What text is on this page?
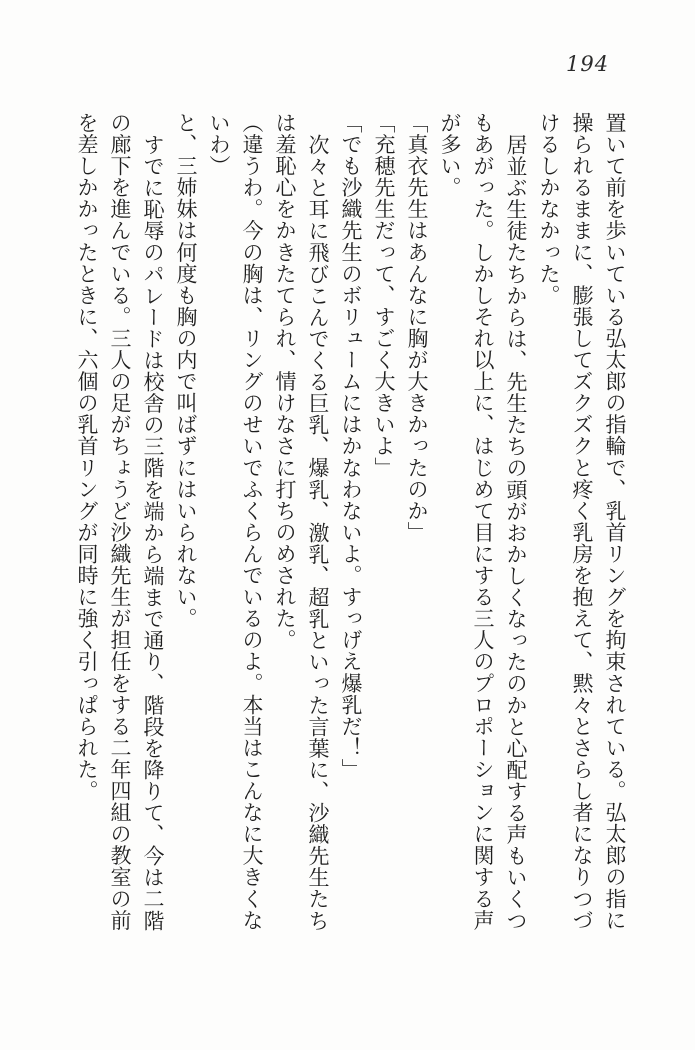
194

置いて前を歩いている弘太郎の指輪で、乳首リングを拘束されている。弘太郎の指に操られるままに、膨張してズクズクと疼く乳房を抱えて、黙々とさらし者になりつづけるしかなかった。

居並ぶ生徒たちからは、先生たちの頭がおかしくなったのかと心配する声もいくつもあがった。しかしそれ以上に、はじめて目にする三人のプロポーションに関する声が多い。

「真衣先生はあんなに胸が大きかったのか」

「充穂先生だって、すごく大きいよ」

「でも沙織先生のボリュームにはかなわないよ。すっげえ爆乳だ！」

次々と耳に飛びこんでくる巨乳、爆乳、激乳、超乳といった言葉に、沙織先生たちは羞恥心をかきたてられ、情けなさに打ちのめされた。

（違うわ。今の胸は、リングのせいでふくらんでいるのよ。本当はこんなに大きくないわ）

と、三姉妹は何度も胸の内で叫ばずにはいられない。

すでに恥辱のパレードは校舎の三階を端から端まで通り、階段を降りて、今は二階の廊下を進んでいる。三人の足がちょうど沙織先生が担任をする二年四組の教室の前を差しかかったときに、六個の乳首リングが同時に強く引っぱられた。
